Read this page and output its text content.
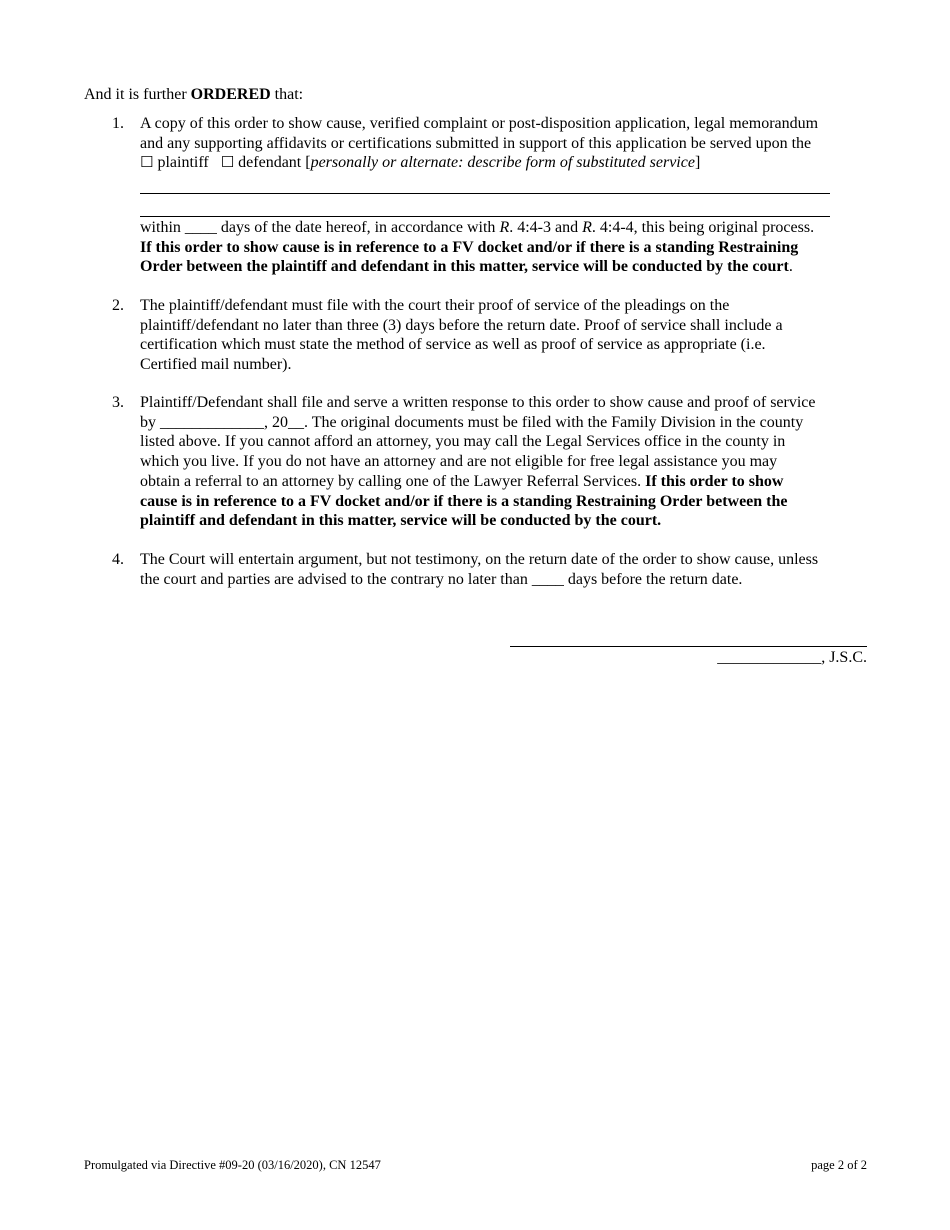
And it is further ORDERED that:
1. A copy of this order to show cause, verified complaint or post-disposition application, legal memorandum
and any supporting affidavits or certifications submitted in support of this application be served upon the
☐ plaintiff ☐ defendant [personally or alternate: describe form of substituted service]
within ____ days of the date hereof, in accordance with R. 4:4-3 and R. 4:4-4, this being original process.
If this order to show cause is in reference to a FV docket and/or if there is a standing Restraining
Order between the plaintiff and defendant in this matter, service will be conducted by the court.
2. The plaintiff/defendant must file with the court their proof of service of the pleadings on the
plaintiff/defendant no later than three (3) days before the return date. Proof of service shall include a
certification which must state the method of service as well as proof of service as appropriate (i.e.
Certified mail number).
3. Plaintiff/Defendant shall file and serve a written response to this order to show cause and proof of service
by _____________, 20__. The original documents must be filed with the Family Division in the county
listed above. If you cannot afford an attorney, you may call the Legal Services office in the county in
which you live. If you do not have an attorney and are not eligible for free legal assistance you may
obtain a referral to an attorney by calling one of the Lawyer Referral Services. If this order to show
cause is in reference to a FV docket and/or if there is a standing Restraining Order between the
plaintiff and defendant in this matter, service will be conducted by the court.
4. The Court will entertain argument, but not testimony, on the return date of the order to show cause, unless
the court and parties are advised to the contrary no later than ____ days before the return date.
_____________, J.S.C.
Promulgated via Directive #09-20 (03/16/2020), CN 12547	page 2 of 2
